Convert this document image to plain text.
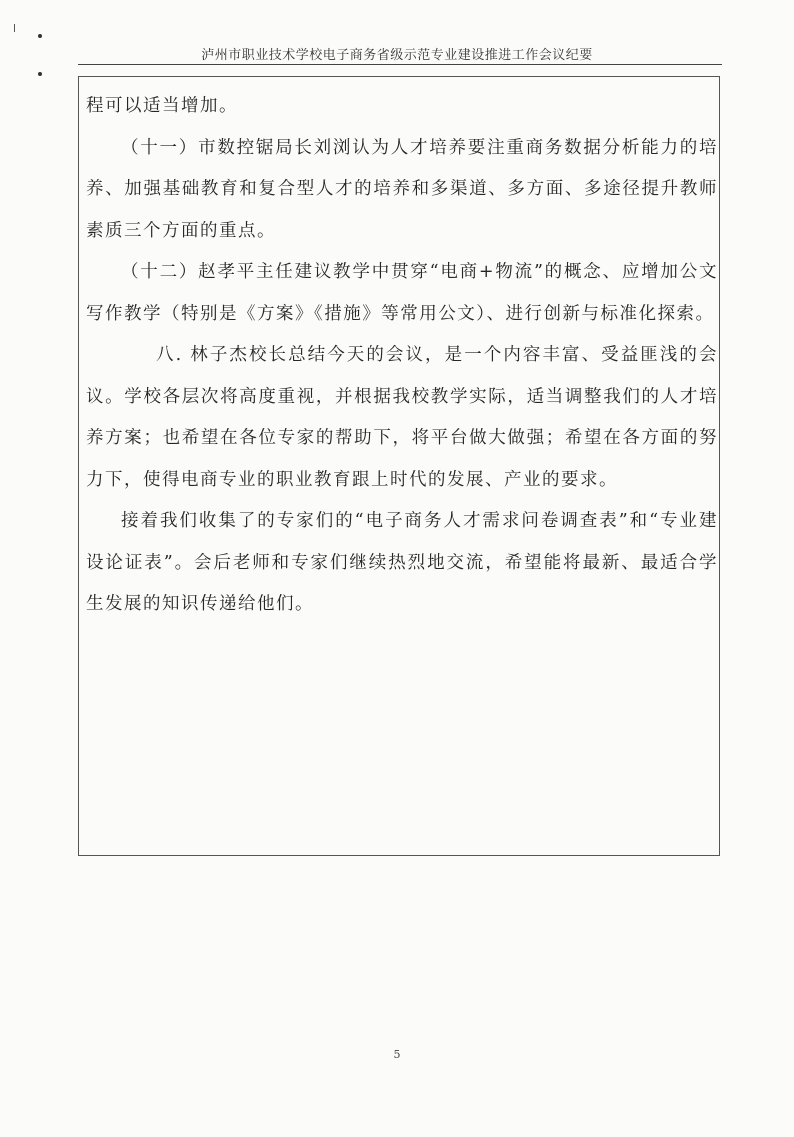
泸州市职业技术学校电子商务省级示范专业建设推进工作会议纪要

程可以适当增加。

（十一）市数控锯局长刘浏认为人才培养要注重商务数据分析能力的培养、加强基础教育和复合型人才的培养和多渠道、多方面、多途径提升教师素质三个方面的重点。

（十二）赵孝平主任建议教学中贯穿“电商+物流”的概念、应增加公文写作教学（特别是《方案》《措施》等常用公文）、进行创新与标准化探索。

八. 林子杰校长总结今天的会议，是一个内容丰富、受益匪浅的会议。学校各层次将高度重视，并根据我校教学实际，适当调整我们的人才培养方案；也希望在各位专家的帮助下，将平台做大做强；希望在各方面的努力下，使得电商专业的职业教育跟上时代的发展、产业的要求。

接着我们收集了的专家们的“电子商务人才需求问卷调查表”和“专业建设论证表”。会后老师和专家们继续热烈地交流，希望能将最新、最适合学生发展的知识传递给他们。

5
